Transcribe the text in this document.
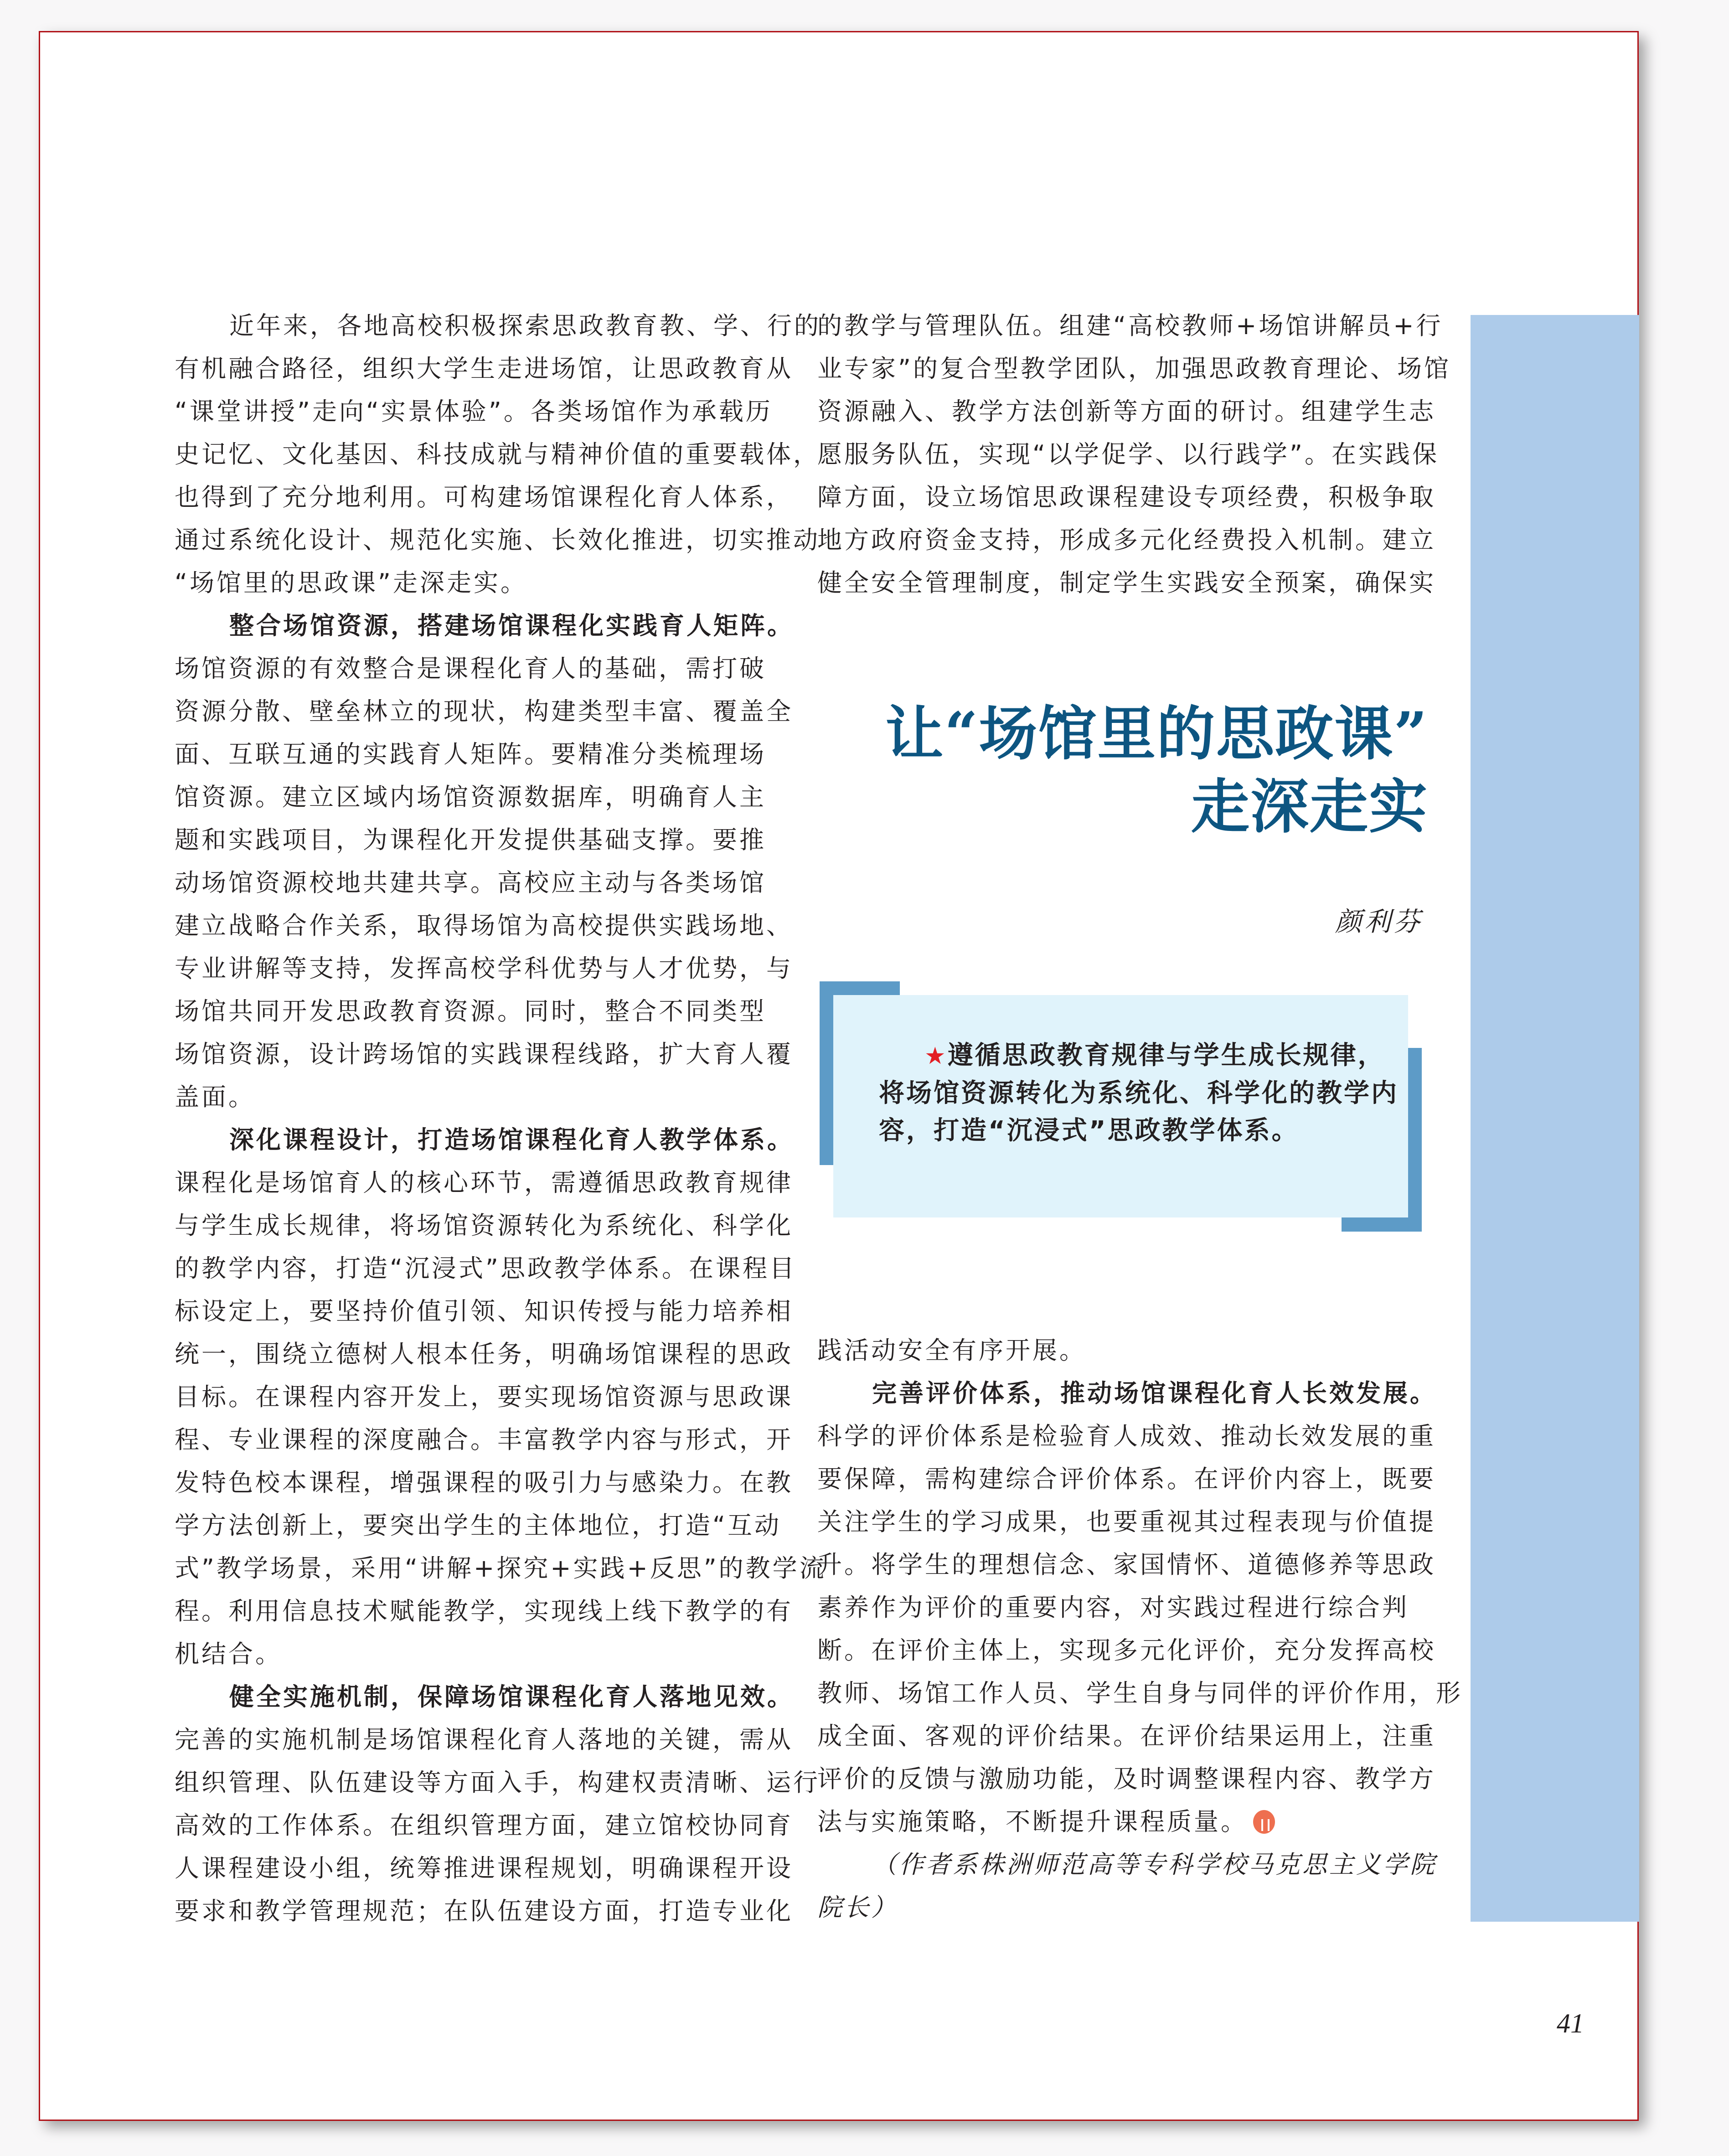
近年来，各地高校积极探索思政教育教、学、行的
有机融合路径，组织大学生走进场馆，让思政教育从
“课堂讲授”走向“实景体验”。各类场馆作为承载历
史记忆、文化基因、科技成就与精神价值的重要载体，
也得到了充分地利用。可构建场馆课程化育人体系，
通过系统化设计、规范化实施、长效化推进，切实推动
“场馆里的思政课”走深走实。
整合场馆资源，搭建场馆课程化实践育人矩阵。
场馆资源的有效整合是课程化育人的基础，需打破
资源分散、壁垒林立的现状，构建类型丰富、覆盖全
面、互联互通的实践育人矩阵。要精准分类梳理场
馆资源。建立区域内场馆资源数据库，明确育人主
题和实践项目，为课程化开发提供基础支撑。要推
动场馆资源校地共建共享。高校应主动与各类场馆
建立战略合作关系，取得场馆为高校提供实践场地、
专业讲解等支持，发挥高校学科优势与人才优势，与
场馆共同开发思政教育资源。同时，整合不同类型
场馆资源，设计跨场馆的实践课程线路，扩大育人覆
盖面。
深化课程设计，打造场馆课程化育人教学体系。
课程化是场馆育人的核心环节，需遵循思政教育规律
与学生成长规律，将场馆资源转化为系统化、科学化
的教学内容，打造“沉浸式”思政教学体系。在课程目
标设定上，要坚持价值引领、知识传授与能力培养相
统一，围绕立德树人根本任务，明确场馆课程的思政
目标。在课程内容开发上，要实现场馆资源与思政课
程、专业课程的深度融合。丰富教学内容与形式，开
发特色校本课程，增强课程的吸引力与感染力。在教
学方法创新上，要突出学生的主体地位，打造“互动
式”教学场景，采用“讲解+探究+实践+反思”的教学流
程。利用信息技术赋能教学，实现线上线下教学的有
机结合。
健全实施机制，保障场馆课程化育人落地见效。
完善的实施机制是场馆课程化育人落地的关键，需从
组织管理、队伍建设等方面入手，构建权责清晰、运行
高效的工作体系。在组织管理方面，建立馆校协同育
人课程建设小组，统筹推进课程规划，明确课程开设
要求和教学管理规范；在队伍建设方面，打造专业化
的教学与管理队伍。组建“高校教师+场馆讲解员+行
业专家”的复合型教学团队，加强思政教育理论、场馆
资源融入、教学方法创新等方面的研讨。组建学生志
愿服务队伍，实现“以学促学、以行践学”。在实践保
障方面，设立场馆思政课程建设专项经费，积极争取
地方政府资金支持，形成多元化经费投入机制。建立
健全安全管理制度，制定学生实践安全预案，确保实
让“场馆里的思政课”
走深走实
颜利芬
★遵循思政教育规律与学生成长规律，
将场馆资源转化为系统化、科学化的教学内
容，打造“沉浸式”思政教学体系。
践活动安全有序开展。
完善评价体系，推动场馆课程化育人长效发展。
科学的评价体系是检验育人成效、推动长效发展的重
要保障，需构建综合评价体系。在评价内容上，既要
关注学生的学习成果，也要重视其过程表现与价值提
升。将学生的理想信念、家国情怀、道德修养等思政
素养作为评价的重要内容，对实践过程进行综合判
断。在评价主体上，实现多元化评价，充分发挥高校
教师、场馆工作人员、学生自身与同伴的评价作用，形
成全面、客观的评价结果。在评价结果运用上，注重
评价的反馈与激励功能，及时调整课程内容、教学方
法与实施策略，不断提升课程质量。
（作者系株洲师范高等专科学校马克思主义学院
院长）
41
